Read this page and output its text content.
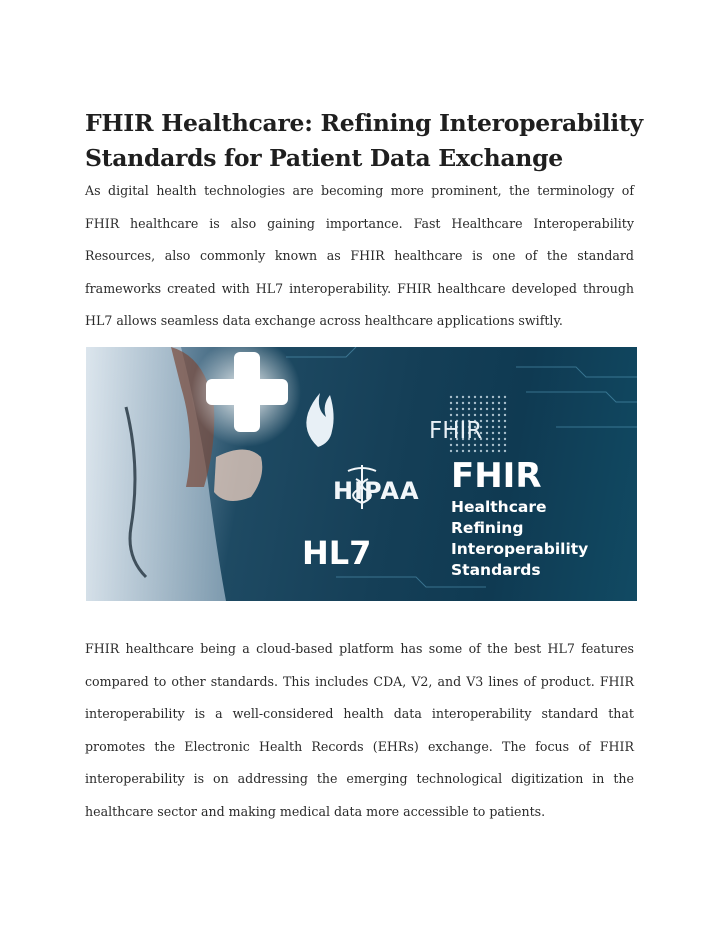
FHIR Healthcare: Refining Interoperability Standards for Patient Data Exchange

As digital health technologies are becoming more prominent, the terminology of FHIR healthcare is also gaining importance. Fast Healthcare Interoperability Resources, also commonly known as FHIR healthcare is one of the standard frameworks created with HL7 interoperability. FHIR healthcare developed through HL7 allows seamless data exchange across healthcare applications swiftly.

FHIR
HIPAA
HL7
FHIR
Healthcare
Refining
Interoperability
Standards

FHIR healthcare being a cloud-based platform has some of the best HL7 features compared to other standards. This includes CDA, V2, and V3 lines of product. FHIR interoperability is a well-considered health data interoperability standard that promotes the Electronic Health Records (EHRs) exchange. The focus of FHIR interoperability is on addressing the emerging technological digitization in the healthcare sector and making medical data more accessible to patients.
